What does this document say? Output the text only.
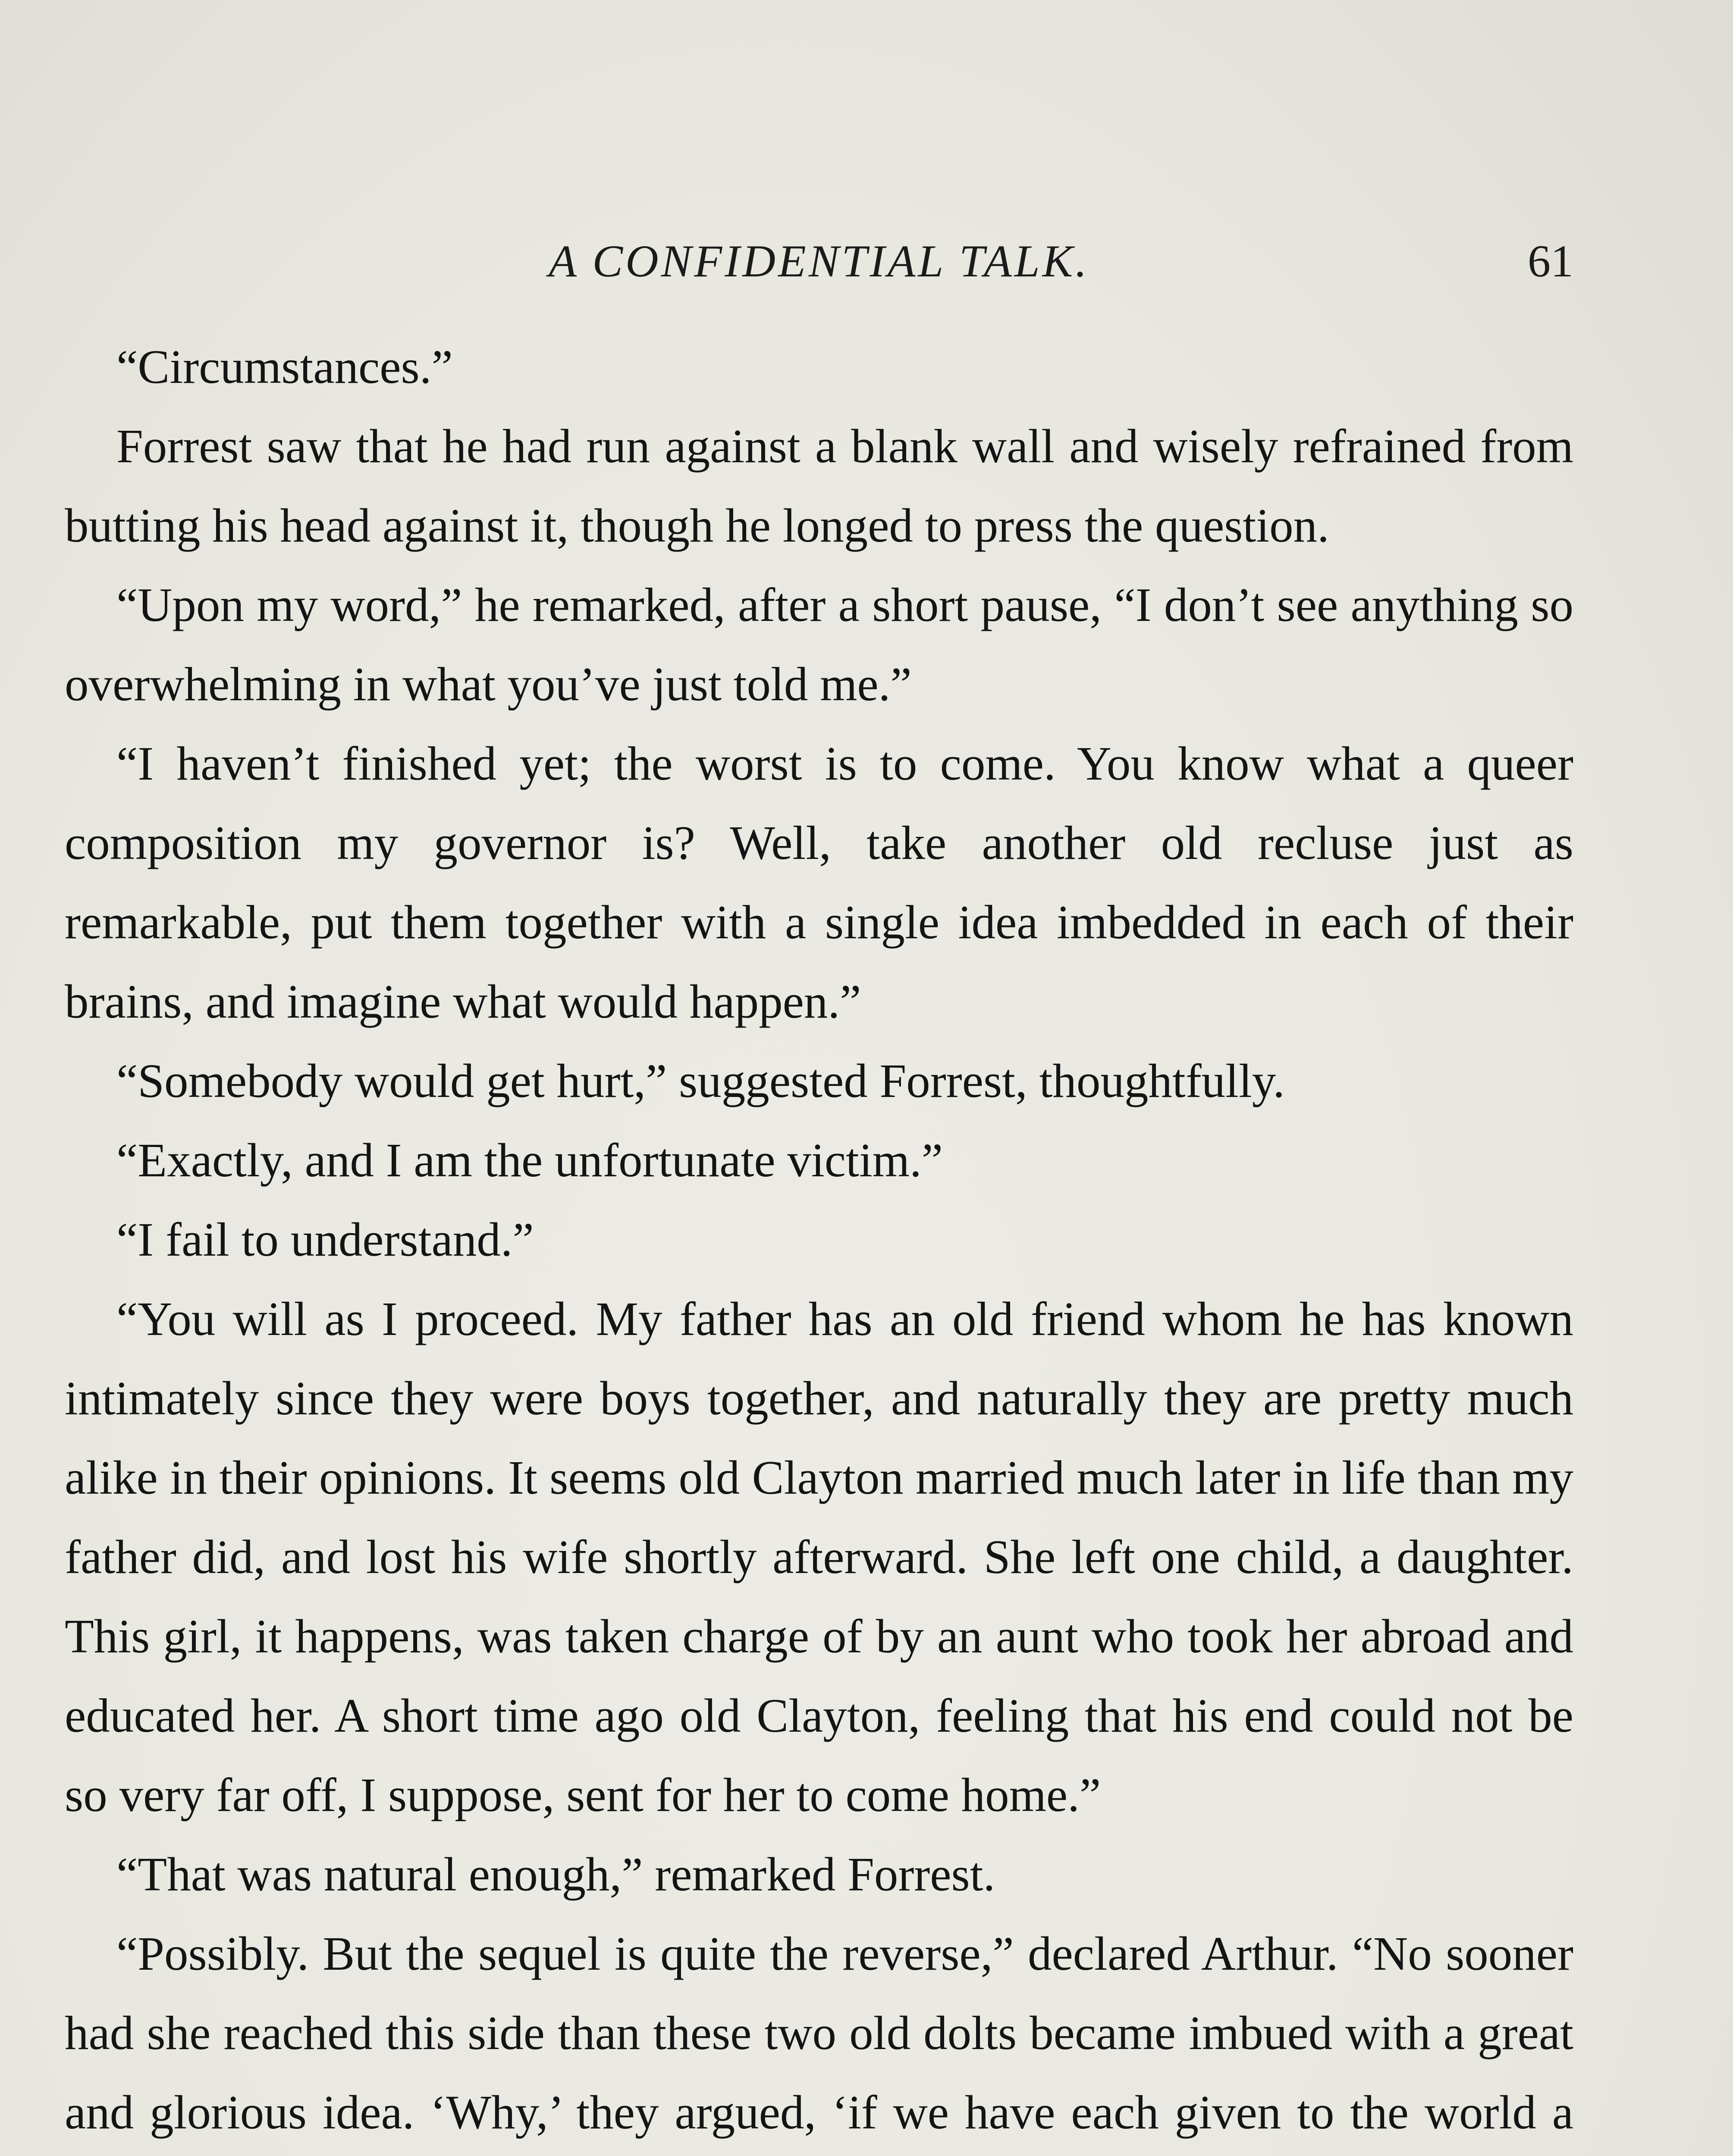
A CONFIDENTIAL TALK.	61

“Circumstances.”

Forrest saw that he had run against a blank wall and wisely refrained from butting his head against it, though he longed to press the question.

“Upon my word,” he remarked, after a short pause, “I don’t see anything so overwhelming in what you’ve just told me.”

“I haven’t finished yet; the worst is to come. You know what a queer composition my governor is? Well, take another old recluse just as remarkable, put them together with a single idea imbedded in each of their brains, and imagine what would happen.”

“Somebody would get hurt,” suggested Forrest, thoughtfully.

“Exactly, and I am the unfortunate victim.”

“I fail to understand.”

“You will as I proceed. My father has an old friend whom he has known intimately since they were boys together, and naturally they are pretty much alike in their opinions. It seems old Clayton married much later in life than my father did, and lost his wife shortly afterward. She left one child, a daughter. This girl, it happens, was taken charge of by an aunt who took her abroad and educated her. A short time ago old Clayton, feeling that his end could not be so very far off, I suppose, sent for her to come home.”

“That was natural enough,” remarked Forrest.

“Possibly. But the sequel is quite the reverse,” declared Arthur. “No sooner had she reached this side than these two old dolts became imbued with a great and glorious idea. ‘Why,’ they argued, ‘if we have each given to the world a
